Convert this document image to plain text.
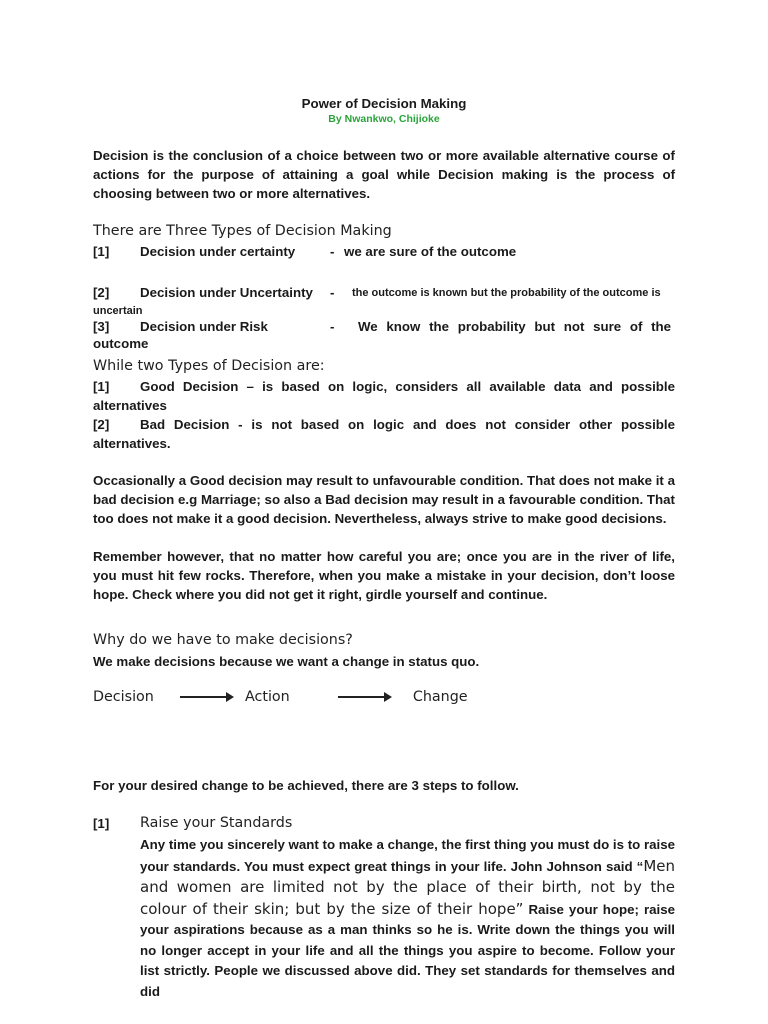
Power of Decision Making

By Nwankwo, Chijioke

Decision is the conclusion of a choice between two or more available alternative course of actions for the purpose of attaining a goal while Decision making is the process of choosing between two or more alternatives.

There are Three Types of Decision Making

[1]	Decision under certainty	- we are sure of the outcome
[2]	Decision under Uncertainty	-	the outcome is known but the probability of the outcome is
uncertain
[3]	Decision under Risk	-	We know the probability but not sure of the
outcome

While two Types of Decision are:

[1] Good Decision – is based on logic, considers all available data and possible alternatives

[2] Bad Decision - is not based on logic and does not consider other possible alternatives.

Occasionally a Good decision may result to unfavourable condition. That does not make it a bad decision e.g Marriage; so also a Bad decision may result in a favourable condition. That too does not make it a good decision. Nevertheless, always strive to make good decisions.

Remember however, that no matter how careful you are; once you are in the river of life, you must hit few rocks. Therefore, when you make a mistake in your decision, don’t loose hope. Check where you did not get it right, girdle yourself and continue.

Why do we have to make decisions?

We make decisions because we want a change in status quo.

Decision	Action	Change

For your desired change to be achieved, there are 3 steps to follow.

[1]	Raise your Standards

Any time you sincerely want to make a change, the first thing you must do is to raise your standards. You must expect great things in your life. John Johnson said “Men and women are limited not by the place of their birth, not by the colour of their skin; but by the size of their hope” Raise your hope; raise your aspirations because as a man thinks so he is. Write down the things you will no longer accept in your life and all the things you aspire to become. Follow your list strictly. People we discussed above did. They set standards for themselves and did
